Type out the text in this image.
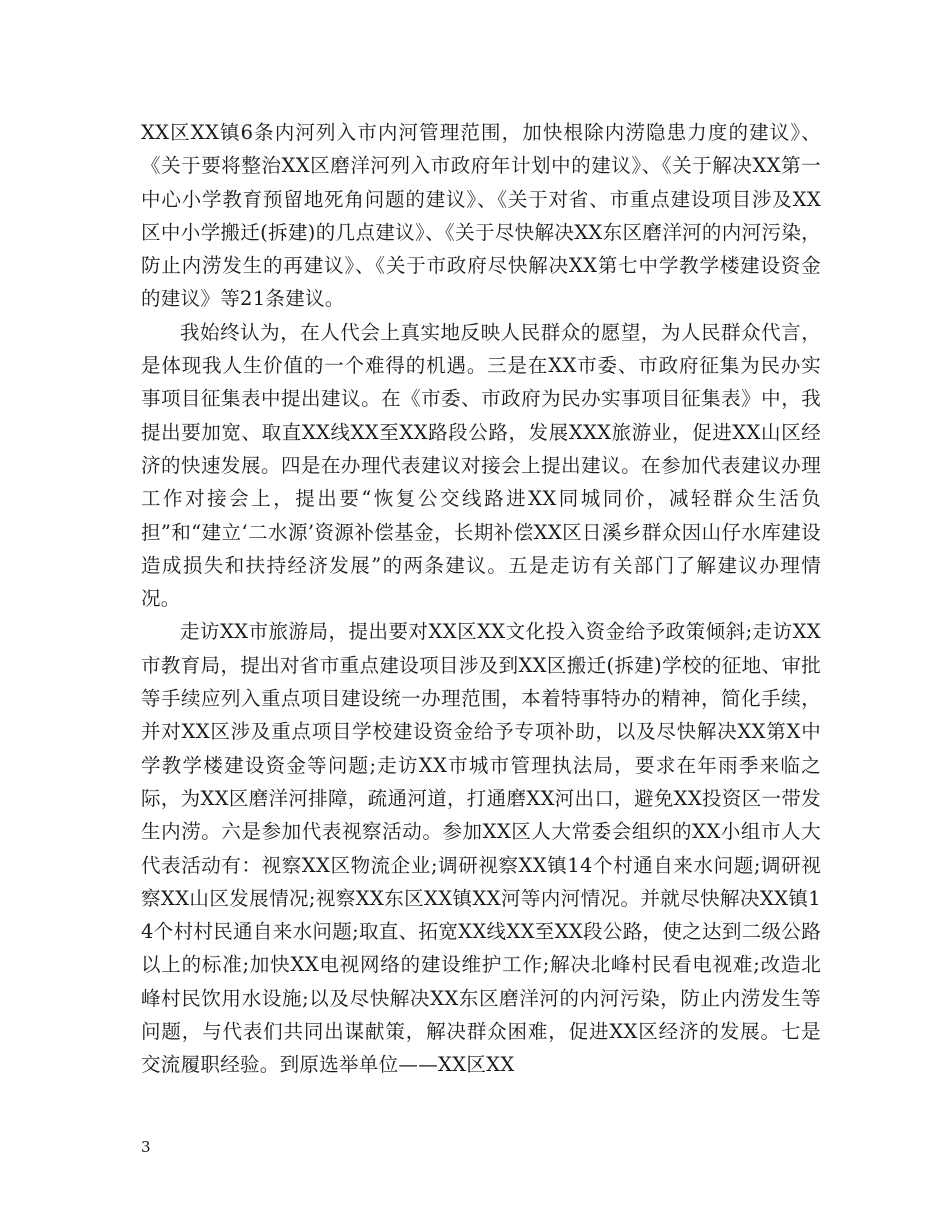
XX区XX镇6条内河列入市内河管理范围，加快根除内涝隐患力度的建议》、《关于要将整治XX区磨洋河列入市政府年计划中的建议》、《关于解决XX第一中心小学教育预留地死角问题的建议》、《关于对省、市重点建设项目涉及XX区中小学搬迁(拆建)的几点建议》、《关于尽快解决XX东区磨洋河的内河污染，防止内涝发生的再建议》、《关于市政府尽快解决XX第七中学教学楼建设资金的建议》等21条建议。

我始终认为，在人代会上真实地反映人民群众的愿望，为人民群众代言，是体现我人生价值的一个难得的机遇。三是在XX市委、市政府征集为民办实事项目征集表中提出建议。在《市委、市政府为民办实事项目征集表》中，我提出要加宽、取直XX线XX至XX路段公路，发展XXX旅游业，促进XX山区经济的快速发展。四是在办理代表建议对接会上提出建议。在参加代表建议办理工作对接会上，提出要“恢复公交线路进XX同城同价，减轻群众生活负担”和“建立‘二水源’资源补偿基金，长期补偿XX区日溪乡群众因山仔水库建设造成损失和扶持经济发展”的两条建议。五是走访有关部门了解建议办理情况。

走访XX市旅游局，提出要对XX区XX文化投入资金给予政策倾斜;走访XX市教育局，提出对省市重点建设项目涉及到XX区搬迁(拆建)学校的征地、审批等手续应列入重点项目建设统一办理范围，本着特事特办的精神，简化手续，并对XX区涉及重点项目学校建设资金给予专项补助，以及尽快解决XX第X中学教学楼建设资金等问题;走访XX市城市管理执法局，要求在年雨季来临之际，为XX区磨洋河排障，疏通河道，打通磨XX河出口，避免XX投资区一带发生内涝。六是参加代表视察活动。参加XX区人大常委会组织的XX小组市人大代表活动有：视察XX区物流企业;调研视察XX镇14个村通自来水问题;调研视察XX山区发展情况;视察XX东区XX镇XX河等内河情况。并就尽快解决XX镇14个村村民通自来水问题;取直、拓宽XX线XX至XX段公路，使之达到二级公路以上的标准;加快XX电视网络的建设维护工作;解决北峰村民看电视难;改造北峰村民饮用水设施;以及尽快解决XX东区磨洋河的内河污染，防止内涝发生等问题，与代表们共同出谋献策，解决群众困难，促进XX区经济的发展。七是交流履职经验。到原选举单位——XX区XX

3
